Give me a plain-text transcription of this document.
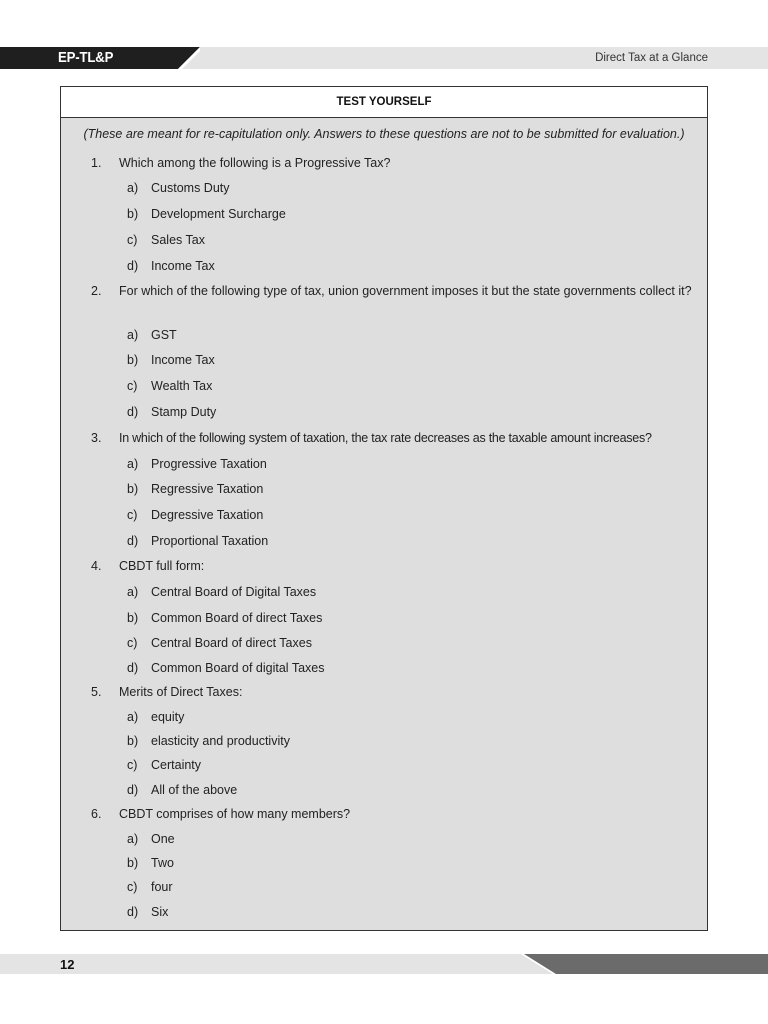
EP-TL&P	Direct Tax at a Glance
TEST YOURSELF
(These are meant for re-capitulation only. Answers to these questions are not to be submitted for evaluation.)
1.	Which among the following is a Progressive Tax?
a) Customs Duty
b) Development Surcharge
c) Sales Tax
d) Income Tax
2.	For which of the following type of tax, union government imposes it but the state governments collect it?
a) GST
b) Income Tax
c) Wealth Tax
d) Stamp Duty
3.	In which of the following system of taxation, the tax rate decreases as the taxable amount increases?
a) Progressive Taxation
b) Regressive Taxation
c) Degressive Taxation
d) Proportional Taxation
4.	CBDT full form:
a) Central Board of Digital Taxes
b) Common Board of direct Taxes
c) Central Board of direct Taxes
d) Common Board of digital Taxes
5.	Merits of Direct Taxes:
a) equity
b) elasticity and productivity
c) Certainty
d) All of the above
6.	CBDT comprises of how many members?
a) One
b) Two
c) four
d) Six
12
